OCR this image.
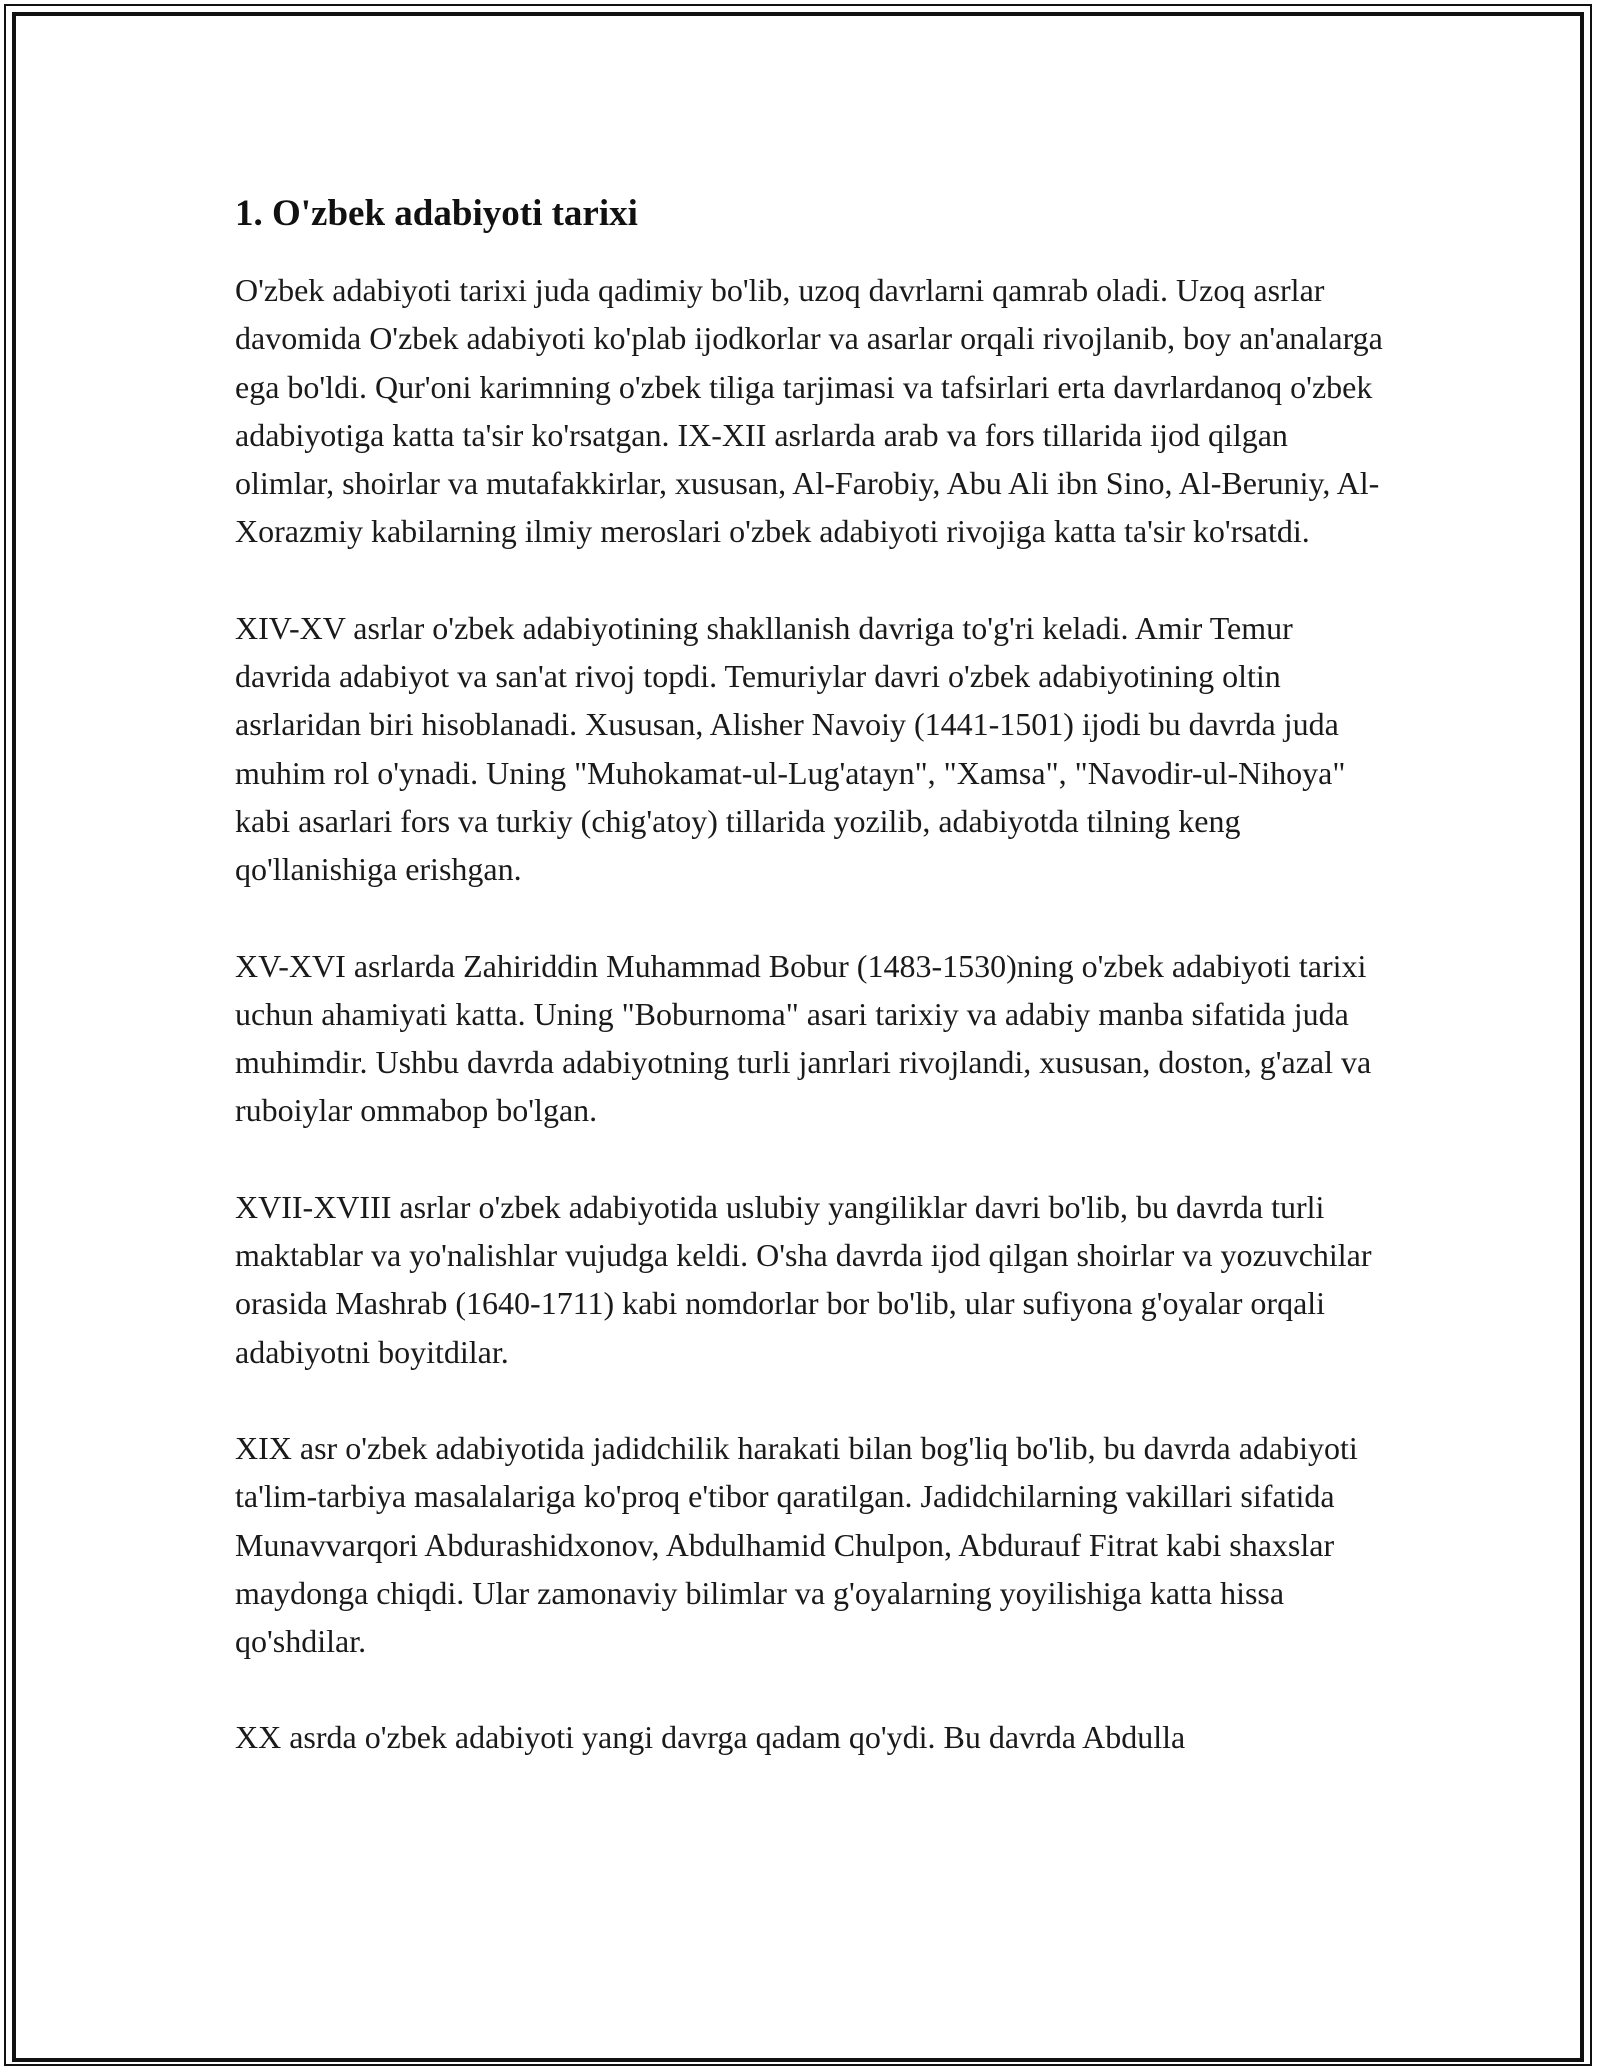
1. O'zbek adabiyoti tarixi

O'zbek adabiyoti tarixi juda qadimiy bo'lib, uzoq davrlarni qamrab oladi. Uzoq asrlar davomida O'zbek adabiyoti ko'plab ijodkorlar va asarlar orqali rivojlanib, boy an'analarga ega bo'ldi. Qur'oni karimning o'zbek tiliga tarjimasi va tafsirlari erta davrlardanoq o'zbek adabiyotiga katta ta'sir ko'rsatgan. IX-XII asrlarda arab va fors tillarida ijod qilgan olimlar, shoirlar va mutafakkirlar, xususan, Al-Farobiy, Abu Ali ibn Sino, Al-Beruniy, Al-Xorazmiy kabilarning ilmiy meroslari o'zbek adabiyoti rivojiga katta ta'sir ko'rsatdi.

XIV-XV asrlar o'zbek adabiyotining shakllanish davriga to'g'ri keladi. Amir Temur davrida adabiyot va san'at rivoj topdi. Temuriylar davri o'zbek adabiyotining oltin asrlaridan biri hisoblanadi. Xususan, Alisher Navoiy (1441-1501) ijodi bu davrda juda muhim rol o'ynadi. Uning "Muhokamat-ul-Lug'atayn", "Xamsa", "Navodir-ul-Nihoya" kabi asarlari fors va turkiy (chig'atoy) tillarida yozilib, adabiyotda tilning keng qo'llanishiga erishgan.

XV-XVI asrlarda Zahiriddin Muhammad Bobur (1483-1530)ning o'zbek adabiyoti tarixi uchun ahamiyati katta. Uning "Boburnoma" asari tarixiy va adabiy manba sifatida juda muhimdir. Ushbu davrda adabiyotning turli janrlari rivojlandi, xususan, doston, g'azal va ruboiylar ommabop bo'lgan.

XVII-XVIII asrlar o'zbek adabiyotida uslubiy yangiliklar davri bo'lib, bu davrda turli maktablar va yo'nalishlar vujudga keldi. O'sha davrda ijod qilgan shoirlar va yozuvchilar orasida Mashrab (1640-1711) kabi nomdorlar bor bo'lib, ular sufiyona g'oyalar orqali adabiyotni boyitdilar.

XIX asr o'zbek adabiyotida jadidchilik harakati bilan bog'liq bo'lib, bu davrda adabiyoti ta'lim-tarbiya masalalariga ko'proq e'tibor qaratilgan. Jadidchilarning vakillari sifatida Munavvarqori Abdurashidxonov, Abdulhamid Chulpon, Abdurauf Fitrat kabi shaxslar maydonga chiqdi. Ular zamonaviy bilimlar va g'oyalarning yoyilishiga katta hissa qo'shdilar.

XX asrda o'zbek adabiyoti yangi davrga qadam qo'ydi. Bu davrda Abdulla
